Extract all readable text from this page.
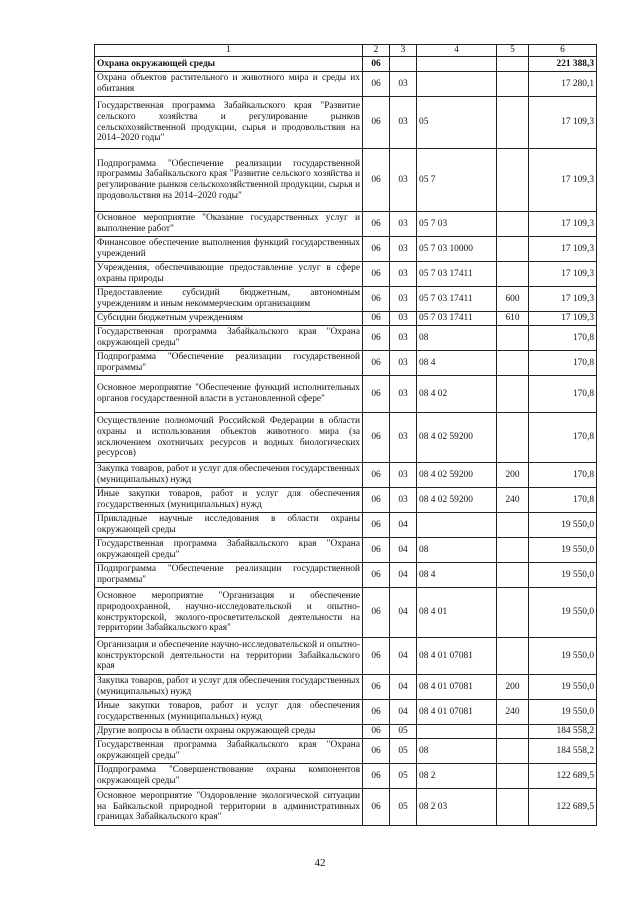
1	2	3	4	5	6
Охрана окружающей среды	06				221 388,3
Охрана объектов растительного и животного мира и среды их обитания	06	03			17 280,1
Государственная программа Забайкальского края "Развитие сельского хозяйства и регулирование рынков сельскохозяйственной продукции, сырья и продовольствия на 2014–2020 годы"	06	03	05		17 109,3
Подпрограмма "Обеспечение реализации государственной программы Забайкальского края "Развитие сельского хозяйства и регулирование рынков сельскохозяйственной продукции, сырья и продовольствия на 2014–2020 годы"	06	03	05 7		17 109,3
Основное мероприятие "Оказание государственных услуг и выполнение работ"	06	03	05 7 03		17 109,3
Финансовое обеспечение выполнения функций государственных учреждений	06	03	05 7 03 10000		17 109,3
Учреждения, обеспечивающие предоставление услуг в сфере охраны природы	06	03	05 7 03 17411		17 109,3
Предоставление субсидий бюджетным, автономным учреждениям и иным некоммерческим организациям	06	03	05 7 03 17411	600	17 109,3
Субсидии бюджетным учреждениям	06	03	05 7 03 17411	610	17 109,3
Государственная программа Забайкальского края "Охрана окружающей среды"	06	03	08		170,8
Подпрограмма "Обеспечение реализации государственной программы"	06	03	08 4		170,8
Основное мероприятие "Обеспечение функций исполнительных органов государственной власти в установленной сфере"	06	03	08 4 02		170,8
Осуществление полномочий Российской Федерации в области охраны и использования объектов животного мира (за исключением охотничьих ресурсов и водных биологических ресурсов)	06	03	08 4 02 59200		170,8
Закупка товаров, работ и услуг для обеспечения государственных (муниципальных) нужд	06	03	08 4 02 59200	200	170,8
Иные закупки товаров, работ и услуг для обеспечения государственных (муниципальных) нужд	06	03	08 4 02 59200	240	170,8
Прикладные научные исследования в области охраны окружающей среды	06	04			19 550,0
Государственная программа Забайкальского края "Охрана окружающей среды"	06	04	08		19 550,0
Подпрограмма "Обеспечение реализации государственной программы"	06	04	08 4		19 550,0
Основное мероприятие "Организация и обеспечение природоохранной, научно-исследовательской и опытно-конструкторской, эколого-просветительской деятельности на территории Забайкальского края"	06	04	08 4 01		19 550,0
Организация и обеспечение научно-исследовательской и опытно-конструкторской деятельности на территории Забайкальского края	06	04	08 4 01 07081		19 550,0
Закупка товаров, работ и услуг для обеспечения государственных (муниципальных) нужд	06	04	08 4 01 07081	200	19 550,0
Иные закупки товаров, работ и услуг для обеспечения государственных (муниципальных) нужд	06	04	08 4 01 07081	240	19 550,0
Другие вопросы в области охраны окружающей среды	06	05			184 558,2
Государственная программа Забайкальского края "Охрана окружающей среды"	06	05	08		184 558,2
Подпрограмма "Совершенствование охраны компонентов окружающей среды"	06	05	08 2		122 689,5
Основное мероприятие "Оздоровление экологической ситуации на Байкальской природной территории в административных границах Забайкальского края"	06	05	08 2 03		122 689,5
42
